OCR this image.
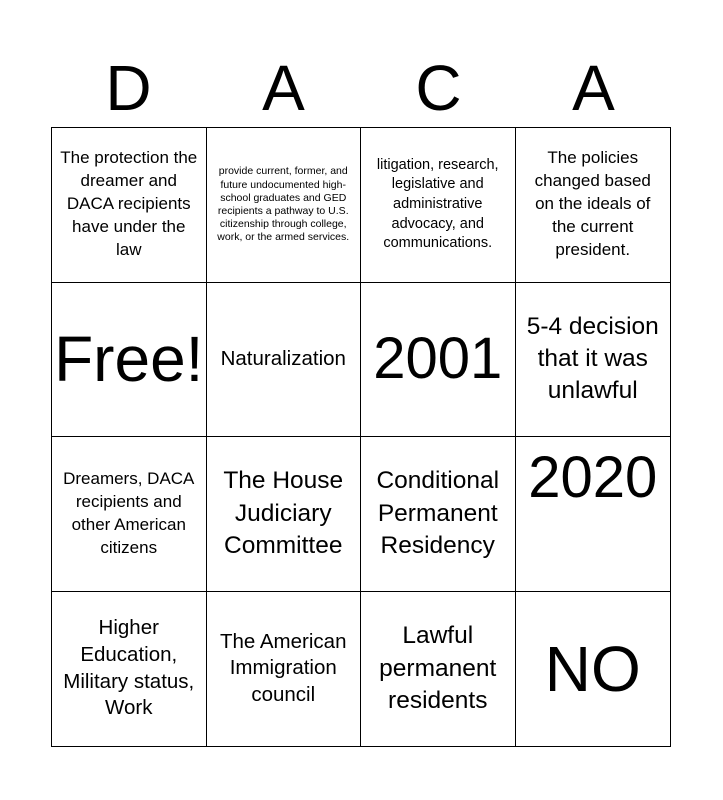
D	A	C	A
The protection the dreamer and DACA recipients have under the law
provide current, former, and future undocumented high-school graduates and GED recipients a pathway to U.S. citizenship through college, work, or the armed services.
litigation, research, legislative and administrative advocacy, and communications.
The policies changed based on the ideals of the current president.
Free! Naturalization 2001 5-4 decision that it was unlawful
Dreamers, DACA recipients and other American citizens
The House Judiciary Committee
Conditional Permanent Residency
2020
Higher Education, Military status, Work
The American Immigration council
Lawful permanent residents NO
